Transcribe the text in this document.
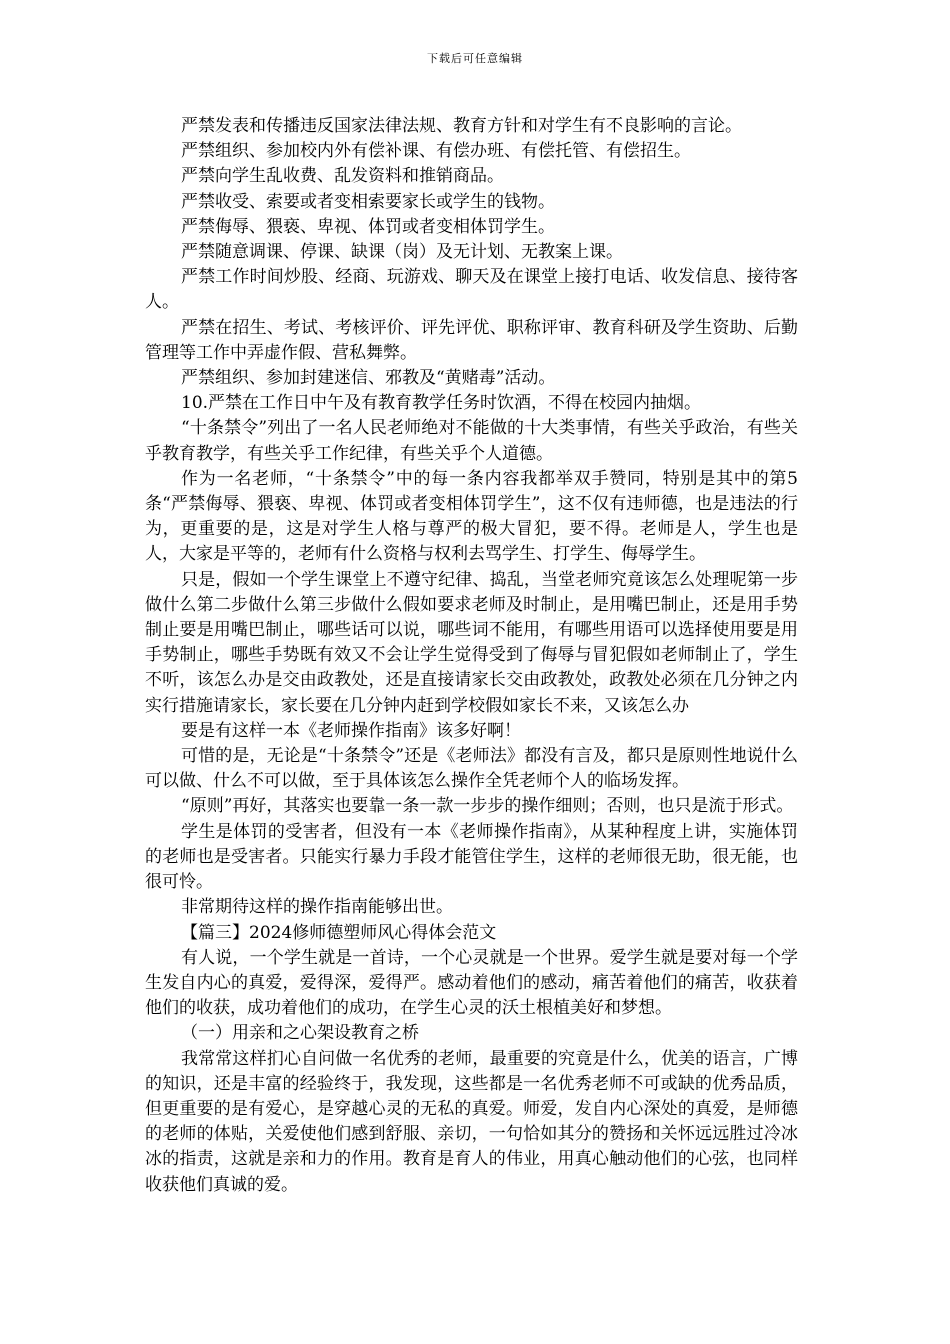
下载后可任意编辑

严禁发表和传播违反国家法律法规、教育方针和对学生有不良影响的言论。

严禁组织、参加校内外有偿补课、有偿办班、有偿托管、有偿招生。

严禁向学生乱收费、乱发资料和推销商品。

严禁收受、索要或者变相索要家长或学生的钱物。

严禁侮辱、猥亵、卑视、体罚或者变相体罚学生。

严禁随意调课、停课、缺课（岗）及无计划、无教案上课。

严禁工作时间炒股、经商、玩游戏、聊天及在课堂上接打电话、收发信息、接待客人。

严禁在招生、考试、考核评价、评先评优、职称评审、教育科研及学生资助、后勤管理等工作中弄虚作假、营私舞弊。

严禁组织、参加封建迷信、邪教及“黄赌毒”活动。

10.严禁在工作日中午及有教育教学任务时饮酒，不得在校园内抽烟。

“十条禁令”列出了一名人民老师绝对不能做的十大类事情，有些关乎政治，有些关乎教育教学，有些关乎工作纪律，有些关乎个人道德。

作为一名老师，“十条禁令”中的每一条内容我都举双手赞同，特别是其中的第5条“严禁侮辱、猥亵、卑视、体罚或者变相体罚学生”，这不仅有违师德，也是违法的行为，更重要的是，这是对学生人格与尊严的极大冒犯，要不得。老师是人，学生也是人，大家是平等的，老师有什么资格与权利去骂学生、打学生、侮辱学生。

只是，假如一个学生课堂上不遵守纪律、捣乱，当堂老师究竟该怎么处理呢第一步做什么第二步做什么第三步做什么假如要求老师及时制止，是用嘴巴制止，还是用手势制止要是用嘴巴制止，哪些话可以说，哪些词不能用，有哪些用语可以选择使用要是用手势制止，哪些手势既有效又不会让学生觉得受到了侮辱与冒犯假如老师制止了，学生不听，该怎么办是交由政教处，还是直接请家长交由政教处，政教处必须在几分钟之内实行措施请家长，家长要在几分钟内赶到学校假如家长不来，又该怎么办

要是有这样一本《老师操作指南》该多好啊！

可惜的是，无论是“十条禁令”还是《老师法》都没有言及，都只是原则性地说什么可以做、什么不可以做，至于具体该怎么操作全凭老师个人的临场发挥。

“原则”再好，其落实也要靠一条一款一步步的操作细则；否则，也只是流于形式。

学生是体罚的受害者，但没有一本《老师操作指南》，从某种程度上讲，实施体罚的老师也是受害者。只能实行暴力手段才能管住学生，这样的老师很无助，很无能，也很可怜。

非常期待这样的操作指南能够出世。

【篇三】2024修师德塑师风心得体会范文

有人说，一个学生就是一首诗，一个心灵就是一个世界。爱学生就是要对每一个学生发自内心的真爱，爱得深，爱得严。感动着他们的感动，痛苦着他们的痛苦，收获着他们的收获，成功着他们的成功，在学生心灵的沃土根植美好和梦想。

（一）用亲和之心架设教育之桥

我常常这样扪心自问做一名优秀的老师，最重要的究竟是什么，优美的语言，广博的知识，还是丰富的经验终于，我发现，这些都是一名优秀老师不可或缺的优秀品质，但更重要的是有爱心，是穿越心灵的无私的真爱。师爱，发自内心深处的真爱，是师德的老师的体贴，关爱使他们感到舒服、亲切，一句恰如其分的赞扬和关怀远远胜过冷冰冰的指责，这就是亲和力的作用。教育是育人的伟业，用真心触动他们的心弦，也同样收获他们真诚的爱。
